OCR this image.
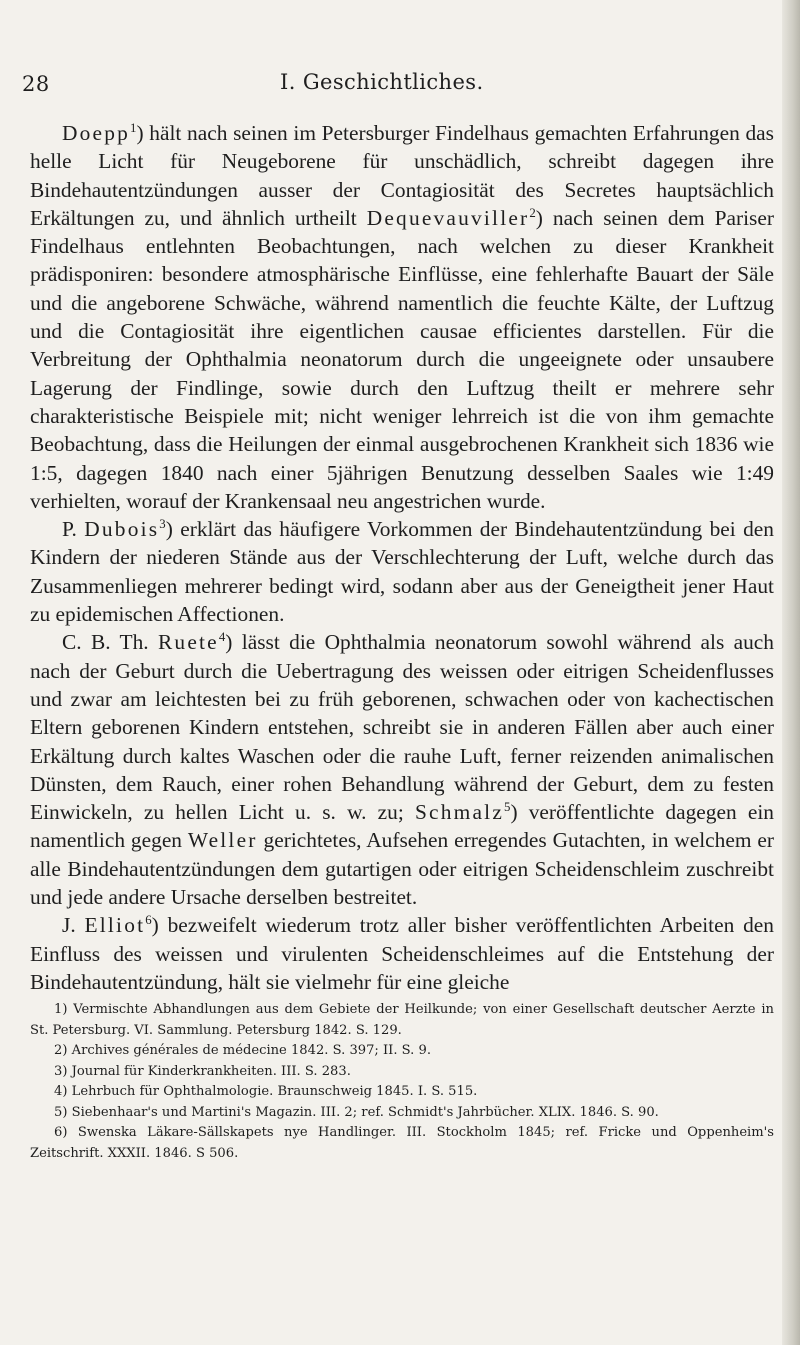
28	I. Geschichtliches.

Doepp$^1$) hält nach seinen im Petersburger Findelhaus gemachten Erfahrungen das helle Licht für Neugeborene für unschädlich, schreibt dagegen ihre Bindehautentzündungen ausser der Contagiosität des Secretes hauptsächlich Erkältungen zu, und ähnlich urtheilt Dequevauviller$^2$) nach seinen dem Pariser Findelhaus entlehnten Beobachtungen, nach welchen zu dieser Krankheit prädisponiren: besondere atmosphärische Einflüsse, eine fehlerhafte Bauart der Säle und die angeborene Schwäche, während namentlich die feuchte Kälte, der Luftzug und die Contagiosität ihre eigentlichen causae efficientes darstellen. Für die Verbreitung der Ophthalmia neonatorum durch die ungeeignete oder unsaubere Lagerung der Findlinge, sowie durch den Luftzug theilt er mehrere sehr charakteristische Beispiele mit; nicht weniger lehrreich ist die von ihm gemachte Beobachtung, dass die Heilungen der einmal ausgebrochenen Krankheit sich 1836 wie 1:5, dagegen 1840 nach einer 5jährigen Benutzung desselben Saales wie 1:49 verhielten, worauf der Krankensaal neu angestrichen wurde.

P. Dubois$^3$) erklärt das häufigere Vorkommen der Bindehautentzündung bei den Kindern der niederen Stände aus der Verschlechterung der Luft, welche durch das Zusammenliegen mehrerer bedingt wird, sodann aber aus der Geneigtheit jener Haut zu epidemischen Affectionen.

C. B. Th. Ruete$^4$) lässt die Ophthalmia neonatorum sowohl während als auch nach der Geburt durch die Uebertragung des weissen oder eitrigen Scheidenflusses und zwar am leichtesten bei zu früh geborenen, schwachen oder von kachectischen Eltern geborenen Kindern entstehen, schreibt sie in anderen Fällen aber auch einer Erkältung durch kaltes Waschen oder die rauhe Luft, ferner reizenden animalischen Dünsten, dem Rauch, einer rohen Behandlung während der Geburt, dem zu festen Einwickeln, zu hellen Licht u. s. w. zu; Schmalz$^5$) veröffentlichte dagegen ein namentlich gegen Weller gerichtetes, Aufsehen erregendes Gutachten, in welchem er alle Bindehautentzündungen dem gutartigen oder eitrigen Scheidenschleim zuschreibt und jede andere Ursache derselben bestreitet.

J. Elliot$^6$) bezweifelt wiederum trotz aller bisher veröffentlichten Arbeiten den Einfluss des weissen und virulenten Scheidenschleimes auf die Entstehung der Bindehautentzündung, hält sie vielmehr für eine gleiche

1) Vermischte Abhandlungen aus dem Gebiete der Heilkunde; von einer Gesellschaft deutscher Aerzte in St. Petersburg. VI. Sammlung. Petersburg 1842. S. 129.

2) Archives générales de médecine 1842. S. 397; II. S. 9.

3) Journal für Kinderkrankheiten. III. S. 283.

4) Lehrbuch für Ophthalmologie. Braunschweig 1845. I. S. 515.

5) Siebenhaar's und Martini's Magazin. III. 2; ref. Schmidt's Jahrbücher. XLIX. 1846. S. 90.

6) Swenska Läkare-Sällskapets nye Handlinger. III. Stockholm 1845; ref. Fricke und Oppenheim's Zeitschrift. XXXII. 1846. S 506.
